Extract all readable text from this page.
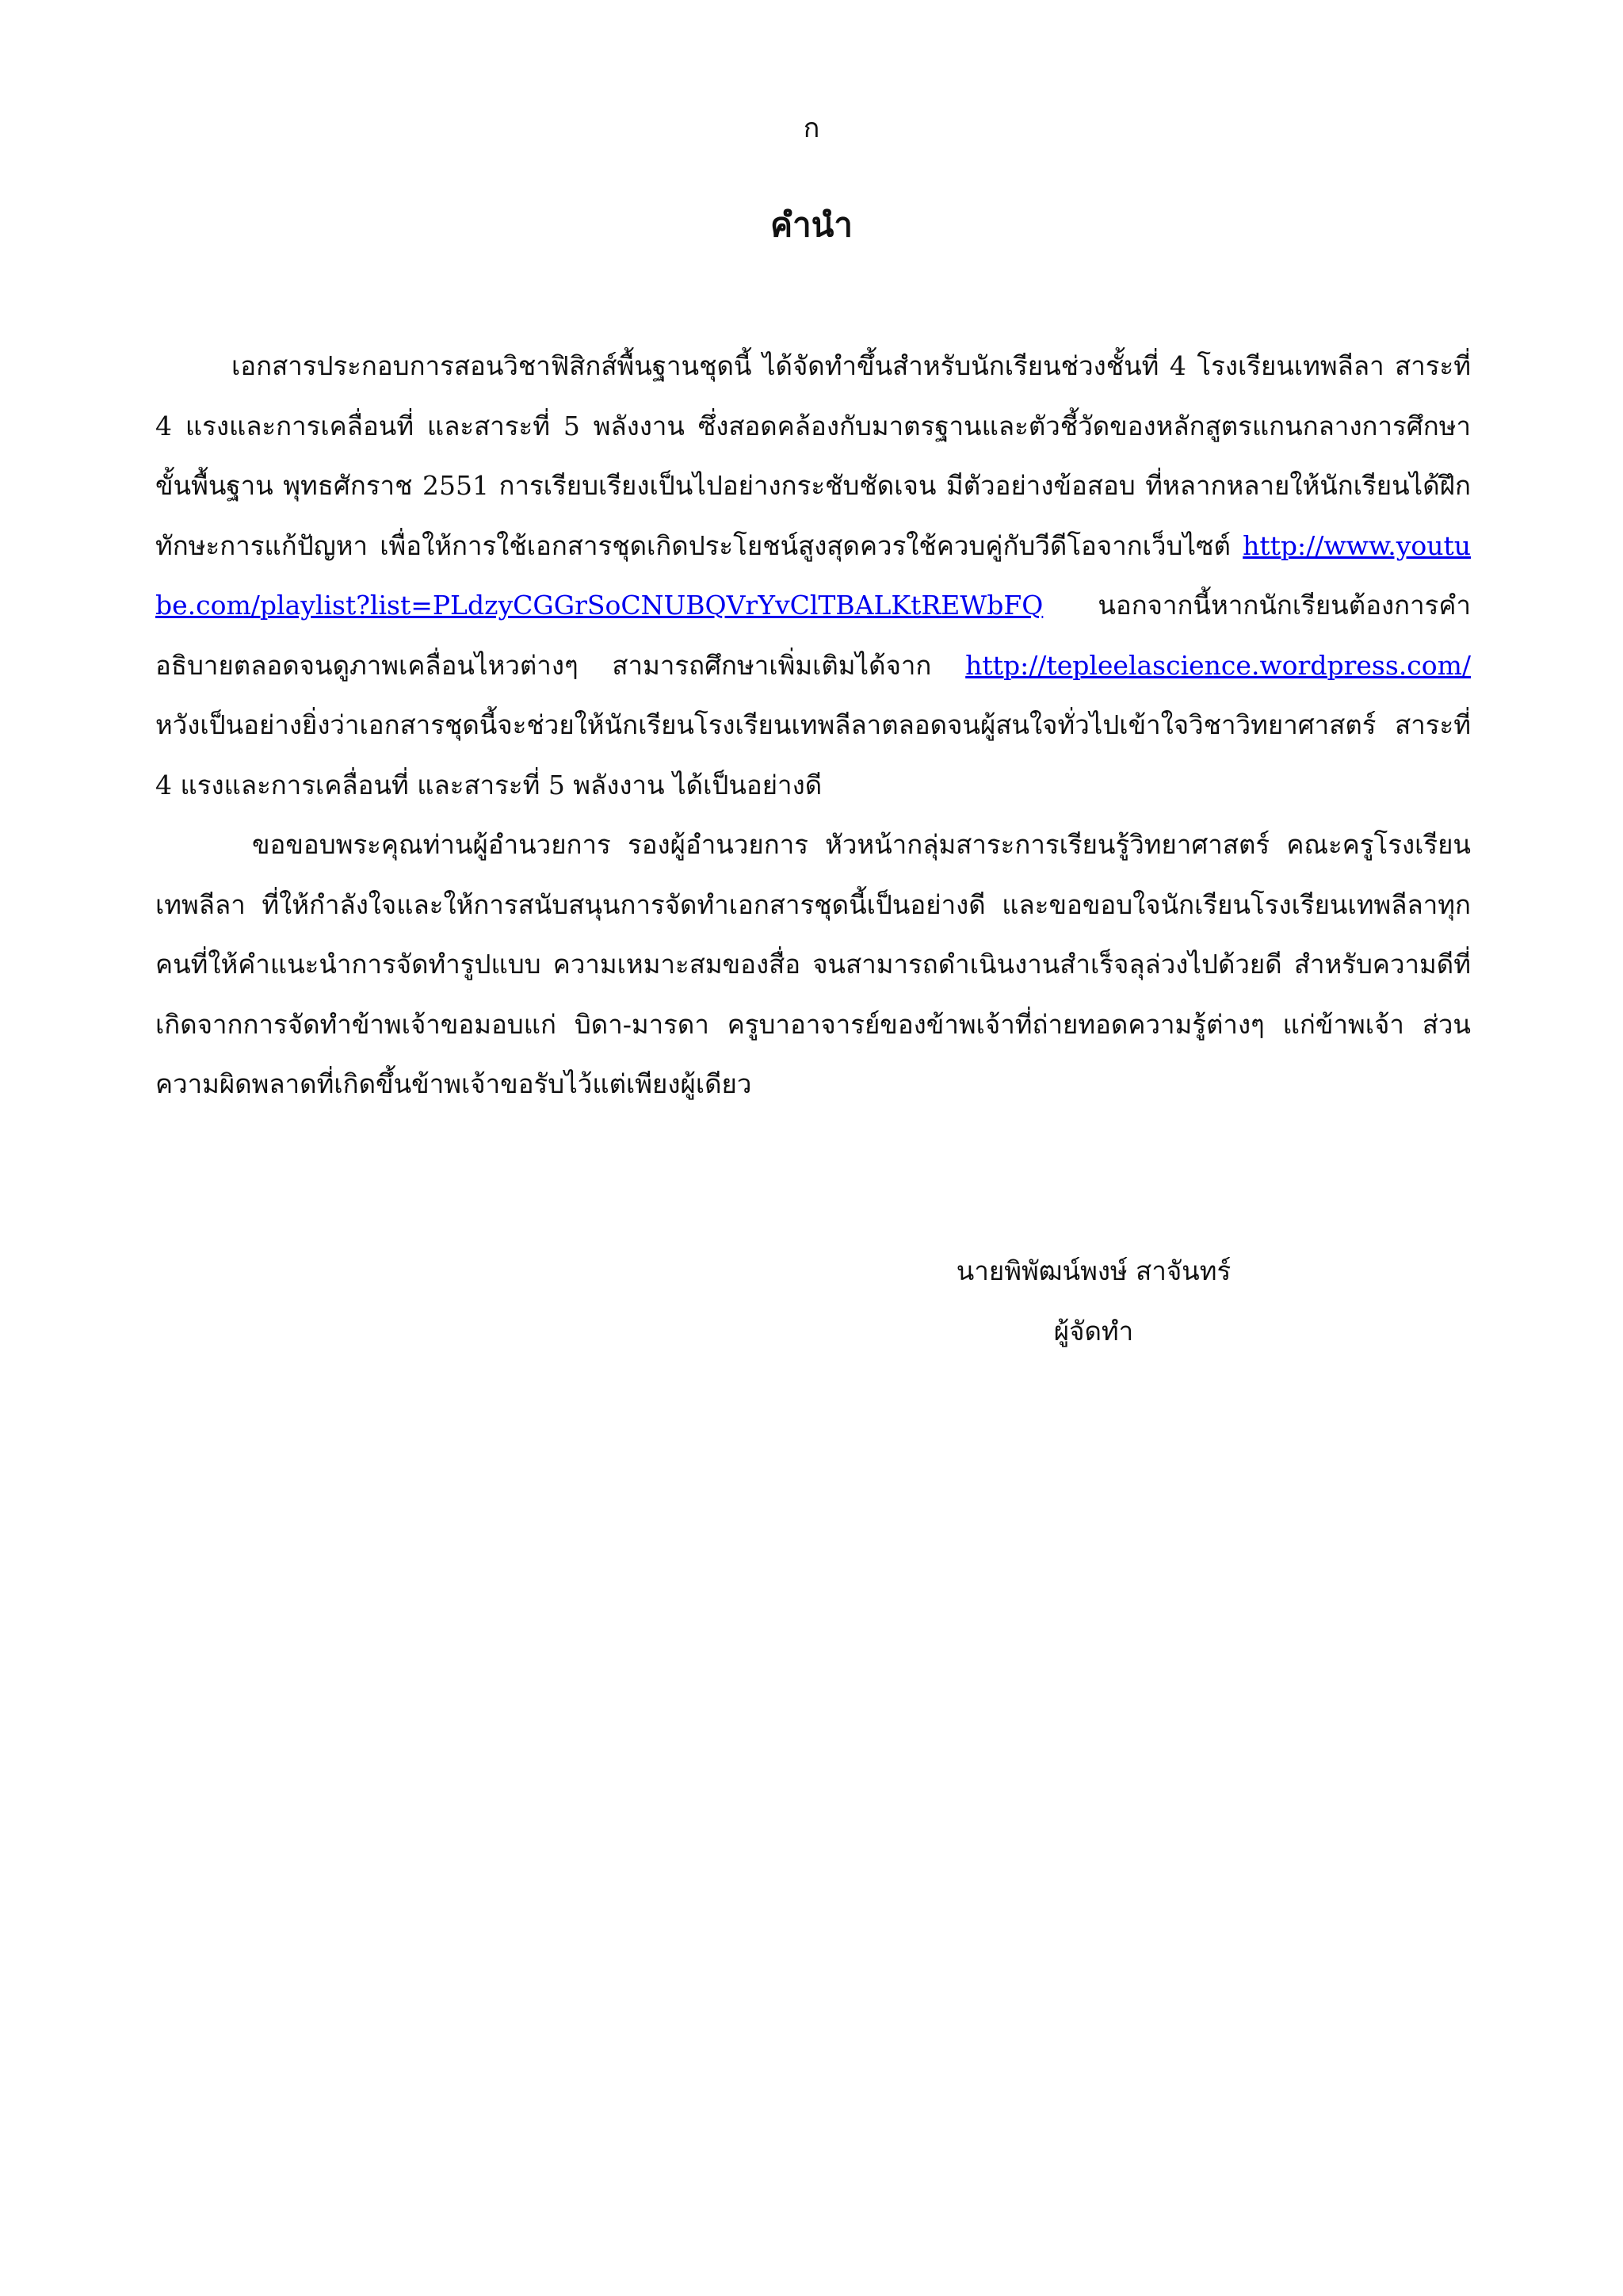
ก
คำนำ

เอกสารประกอบการสอนวิชาฟิสิกส์พื้นฐานชุดนี้ ได้จัดทำขึ้นสำหรับนักเรียนช่วงชั้นที่ 4 โรงเรียนเทพลีลา สาระที่ 4 แรงและการเคลื่อนที่ และสาระที่ 5 พลังงาน ซึ่งสอดคล้องกับมาตรฐานและตัวชี้วัดของหลักสูตรแกนกลางการศึกษาขั้นพื้นฐาน พุทธศักราช 2551 การเรียบเรียงเป็นไปอย่างกระชับชัดเจน มีตัวอย่างข้อสอบ ที่หลากหลายให้นักเรียนได้ฝึกทักษะการแก้ปัญหา เพื่อให้การใช้เอกสารชุดเกิดประโยชน์สูงสุดควรใช้ควบคู่กับวีดีโอจากเว็บไซต์ http://www.youtube.com/playlist?list=PLdzyCGGrSoCNUBQVrYvClTBALKtREWbFQ นอกจากนี้หากนักเรียนต้องการคำอธิบายตลอดจนดูภาพเคลื่อนไหวต่างๆ สามารถศึกษาเพิ่มเติมได้จาก http://tepleelascience.wordpress.com/ หวังเป็นอย่างยิ่งว่าเอกสารชุดนี้จะช่วยให้นักเรียนโรงเรียนเทพลีลาตลอดจนผู้สนใจทั่วไปเข้าใจวิชาวิทยาศาสตร์ สาระที่ 4 แรงและการเคลื่อนที่ และสาระที่ 5 พลังงาน ได้เป็นอย่างดี

ขอขอบพระคุณท่านผู้อำนวยการ รองผู้อำนวยการ หัวหน้ากลุ่มสาระการเรียนรู้วิทยาศาสตร์ คณะครูโรงเรียนเทพลีลา ที่ให้กำลังใจและให้การสนับสนุนการจัดทำเอกสารชุดนี้เป็นอย่างดี และขอขอบใจนักเรียนโรงเรียนเทพลีลาทุกคนที่ให้คำแนะนำการจัดทำรูปแบบ ความเหมาะสมของสื่อ จนสามารถดำเนินงานสำเร็จลุล่วงไปด้วยดี สำหรับความดีที่เกิดจากการจัดทำข้าพเจ้าขอมอบแก่ บิดา-มารดา ครูบาอาจารย์ของข้าพเจ้าที่ถ่ายทอดความรู้ต่างๆ แก่ข้าพเจ้า ส่วนความผิดพลาดที่เกิดขึ้นข้าพเจ้าขอรับไว้แต่เพียงผู้เดียว

นายพิพัฒน์พงษ์ สาจันทร์
ผู้จัดทำ
